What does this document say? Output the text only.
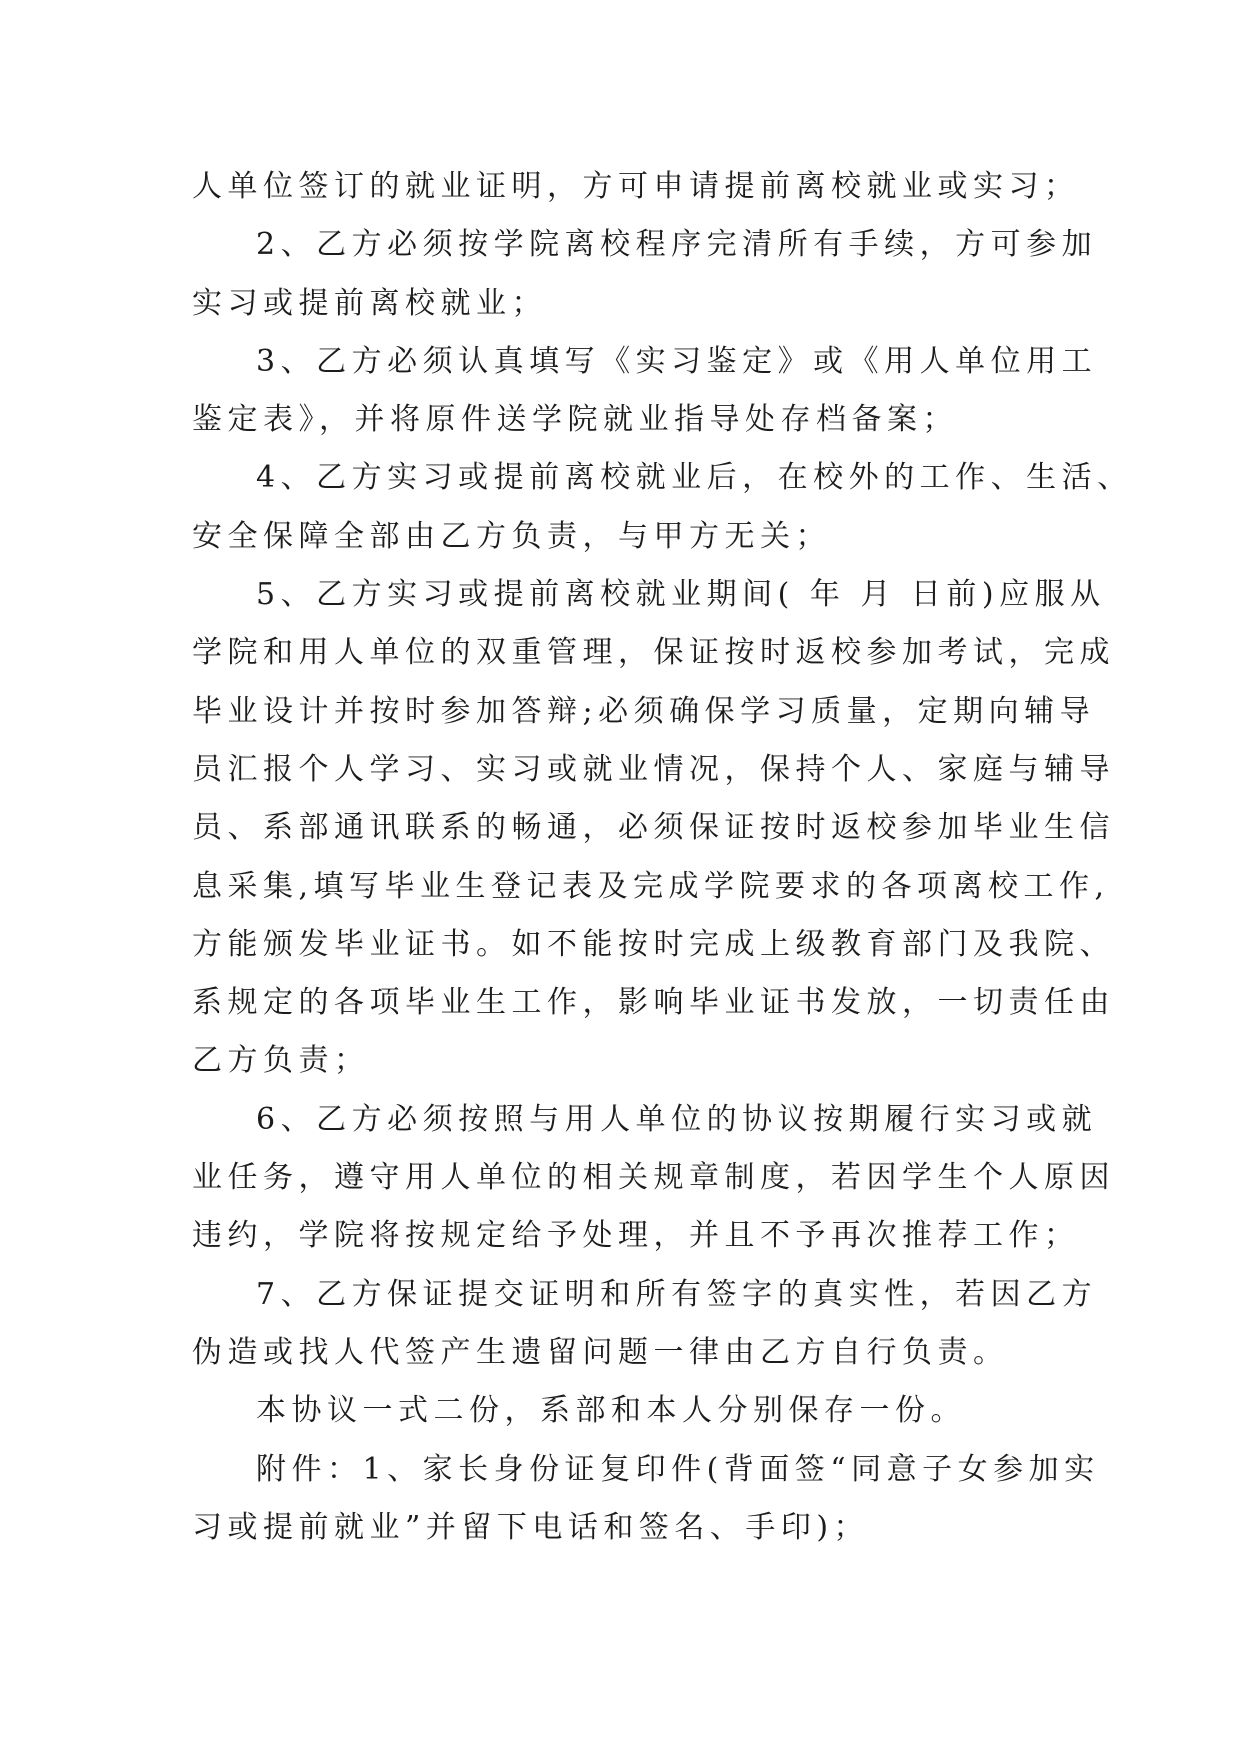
人单位签订的就业证明，方可申请提前离校就业或实习；
2、乙方必须按学院离校程序完清所有手续，方可参加
实习或提前离校就业；
3、乙方必须认真填写《实习鉴定》或《用人单位用工
鉴定表》，并将原件送学院就业指导处存档备案；
4、乙方实习或提前离校就业后，在校外的工作、生活、
安全保障全部由乙方负责，与甲方无关；
5、乙方实习或提前离校就业期间( 年 月 日前)应服从
学院和用人单位的双重管理，保证按时返校参加考试，完成
毕业设计并按时参加答辩;必须确保学习质量，定期向辅导
员汇报个人学习、实习或就业情况，保持个人、家庭与辅导
员、系部通讯联系的畅通，必须保证按时返校参加毕业生信
息采集,填写毕业生登记表及完成学院要求的各项离校工作,
方能颁发毕业证书。如不能按时完成上级教育部门及我院、
系规定的各项毕业生工作，影响毕业证书发放，一切责任由
乙方负责；
6、乙方必须按照与用人单位的协议按期履行实习或就
业任务，遵守用人单位的相关规章制度，若因学生个人原因
违约，学院将按规定给予处理，并且不予再次推荐工作；
7、乙方保证提交证明和所有签字的真实性，若因乙方
伪造或找人代签产生遗留问题一律由乙方自行负责。
本协议一式二份，系部和本人分别保存一份。
附件：1、家长身份证复印件(背面签“同意子女参加实
习或提前就业”并留下电话和签名、手印)；
